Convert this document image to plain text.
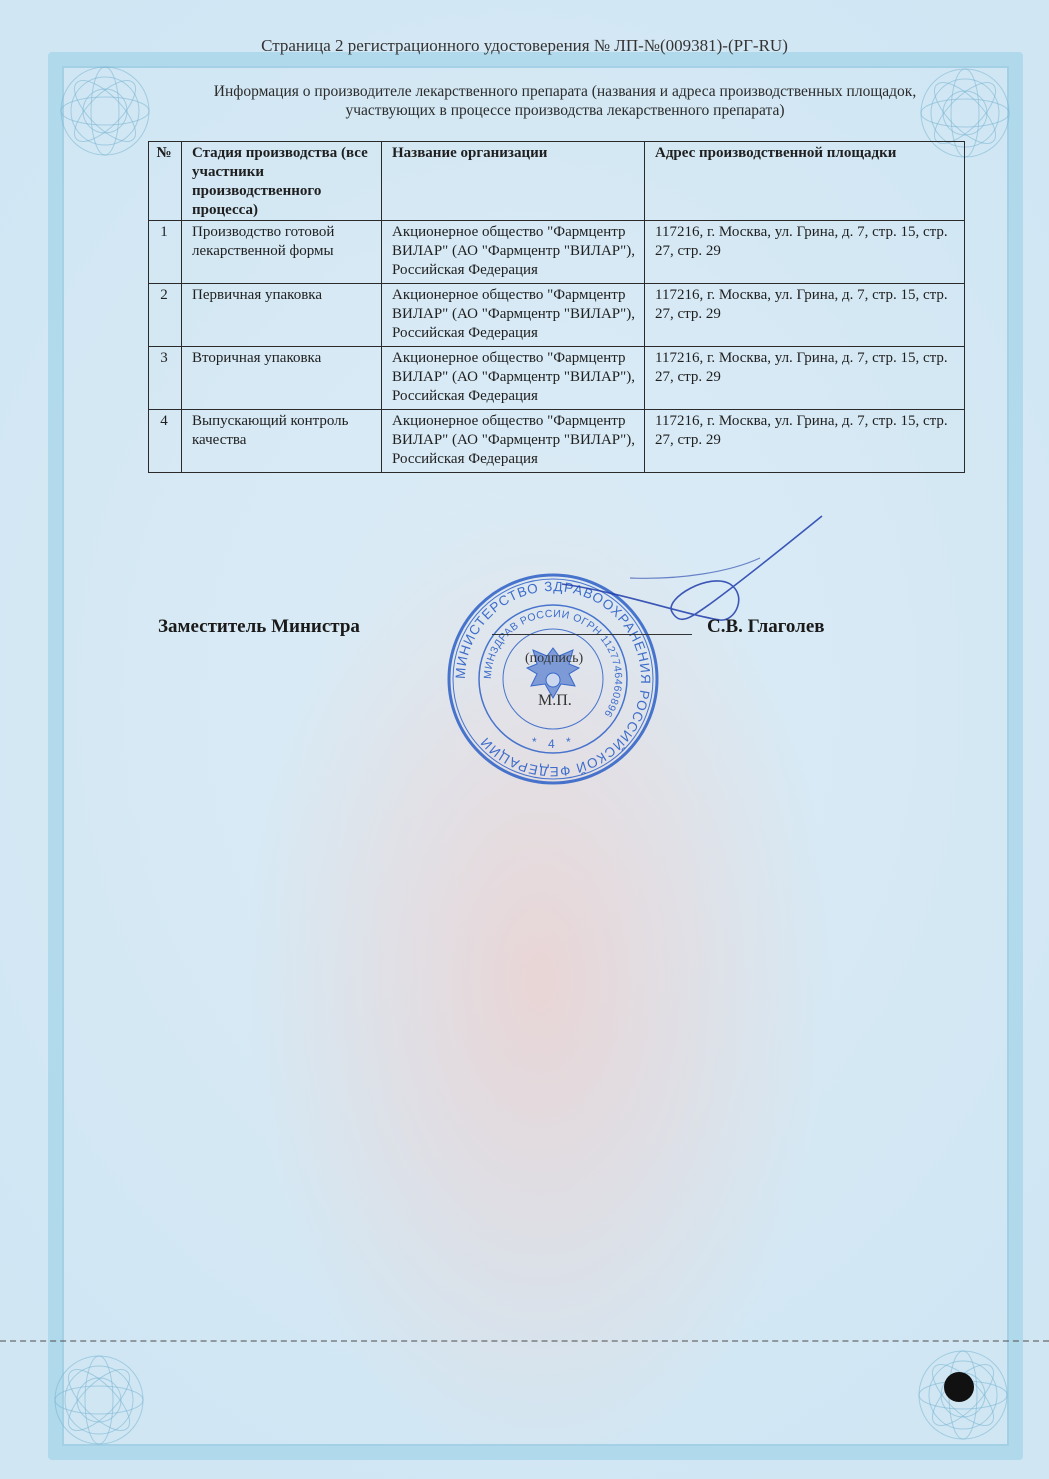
Страница 2 регистрационного удостоверения № ЛП-№(009381)-(РГ-RU)
Информация о производителе лекарственного препарата (названия и адреса производственных площадок,
участвующих в процессе производства лекарственного препарата)
№	Стадия производства (все участники производственного процесса)	Название организации	Адрес производственной площадки
1	Производство готовой лекарственной формы	Акционерное общество "Фармцентр ВИЛАР" (АО "Фармцентр "ВИЛАР"), Российская Федерация	117216, г. Москва, ул. Грина, д. 7, стр. 15, стр. 27, стр. 29
2	Первичная упаковка	Акционерное общество "Фармцентр ВИЛАР" (АО "Фармцентр "ВИЛАР"), Российская Федерация	117216, г. Москва, ул. Грина, д. 7, стр. 15, стр. 27, стр. 29
3	Вторичная упаковка	Акционерное общество "Фармцентр ВИЛАР" (АО "Фармцентр "ВИЛАР"), Российская Федерация	117216, г. Москва, ул. Грина, д. 7, стр. 15, стр. 27, стр. 29
4	Выпускающий контроль качества	Акционерное общество "Фармцентр ВИЛАР" (АО "Фармцентр "ВИЛАР"), Российская Федерация	117216, г. Москва, ул. Грина, д. 7, стр. 15, стр. 27, стр. 29
МИНИСТЕРСТВО ЗДРАВООХРАНЕНИЯ РОССИЙСКОЙ ФЕДЕРАЦИИ
МИНЗДРАВ РОССИИ ОГРН 1127746460896
* 4 *
Заместитель Министра	С.В. Глаголев
(подпись)
М.П.
